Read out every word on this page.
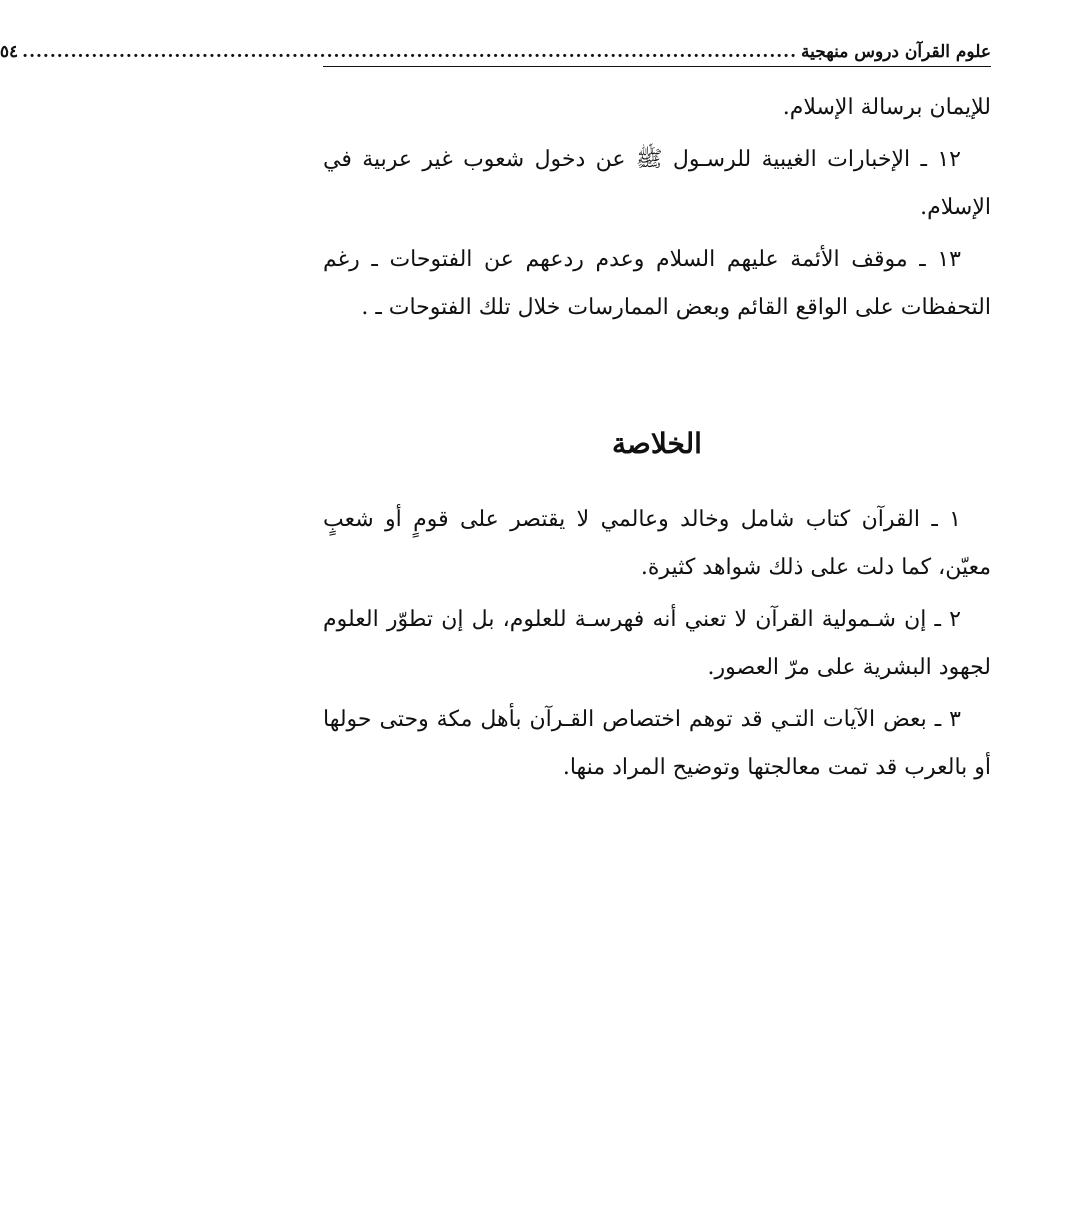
علوم القرآن دروس منهجية
................................................................................................................
٥٤

للإيمان برسالة الإسلام.

١٢ ـ الإخبارات الغيبية للرسـول ﷺ عن دخول شعوب غير عربية في الإسلام.

١٣ ـ موقف الأئمة عليهم السلام وعدم ردعهم عن الفتوحات ـ رغم التحفظات على الواقع القائم وبعض الممارسات خلال تلك الفتوحات ـ .

الخلاصة

١ ـ القرآن كتاب شامل وخالد وعالمي لا يقتصر على قومٍ أو شعبٍ معيّن، كما دلت على ذلك شواهد كثيرة.

٢ ـ إن شـمولية القرآن لا تعني أنه فهرسـة للعلوم، بل إن تطوّر العلوم لجهود البشرية على مرّ العصور.

٣ ـ بعض الآيات التـي قد توهم اختصاص القـرآن بأهل مكة وحتى حولها أو بالعرب قد تمت معالجتها وتوضيح المراد منها.
